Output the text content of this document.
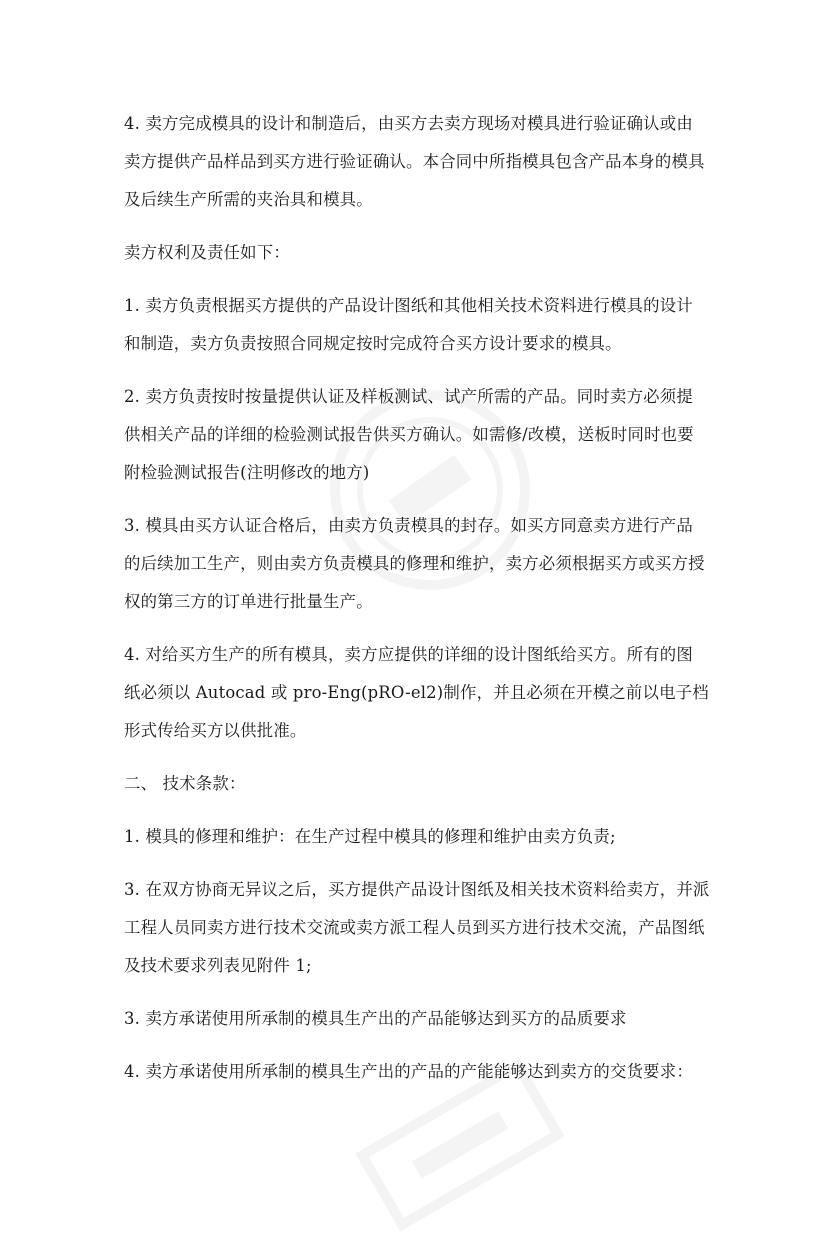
4. 卖方完成模具的设计和制造后，由买方去卖方现场对模具进行验证确认或由
卖方提供产品样品到买方进行验证确认。本合同中所指模具包含产品本身的模具
及后续生产所需的夹治具和模具。

卖方权利及责任如下：

1. 卖方负责根据买方提供的产品设计图纸和其他相关技术资料进行模具的设计
和制造，卖方负责按照合同规定按时完成符合买方设计要求的模具。

2. 卖方负责按时按量提供认证及样板测试、试产所需的产品。同时卖方必须提
供相关产品的详细的检验测试报告供买方确认。如需修/改模，送板时同时也要
附检验测试报告(注明修改的地方)

3. 模具由买方认证合格后，由卖方负责模具的封存。如买方同意卖方进行产品
的后续加工生产，则由卖方负责模具的修理和维护，卖方必须根据买方或买方授
权的第三方的订单进行批量生产。

4. 对给买方生产的所有模具，卖方应提供的详细的设计图纸给买方。所有的图
纸必须以 Autocad 或 pro-Eng(pRO-el2)制作，并且必须在开模之前以电子档
形式传给买方以供批准。

二、 技术条款：

1. 模具的修理和维护：在生产过程中模具的修理和维护由卖方负责;

3. 在双方协商无异议之后，买方提供产品设计图纸及相关技术资料给卖方，并派
工程人员同卖方进行技术交流或卖方派工程人员到买方进行技术交流，产品图纸
及技术要求列表见附件 1;

3. 卖方承诺使用所承制的模具生产出的产品能够达到买方的品质要求

4. 卖方承诺使用所承制的模具生产出的产品的产能能够达到卖方的交货要求：
